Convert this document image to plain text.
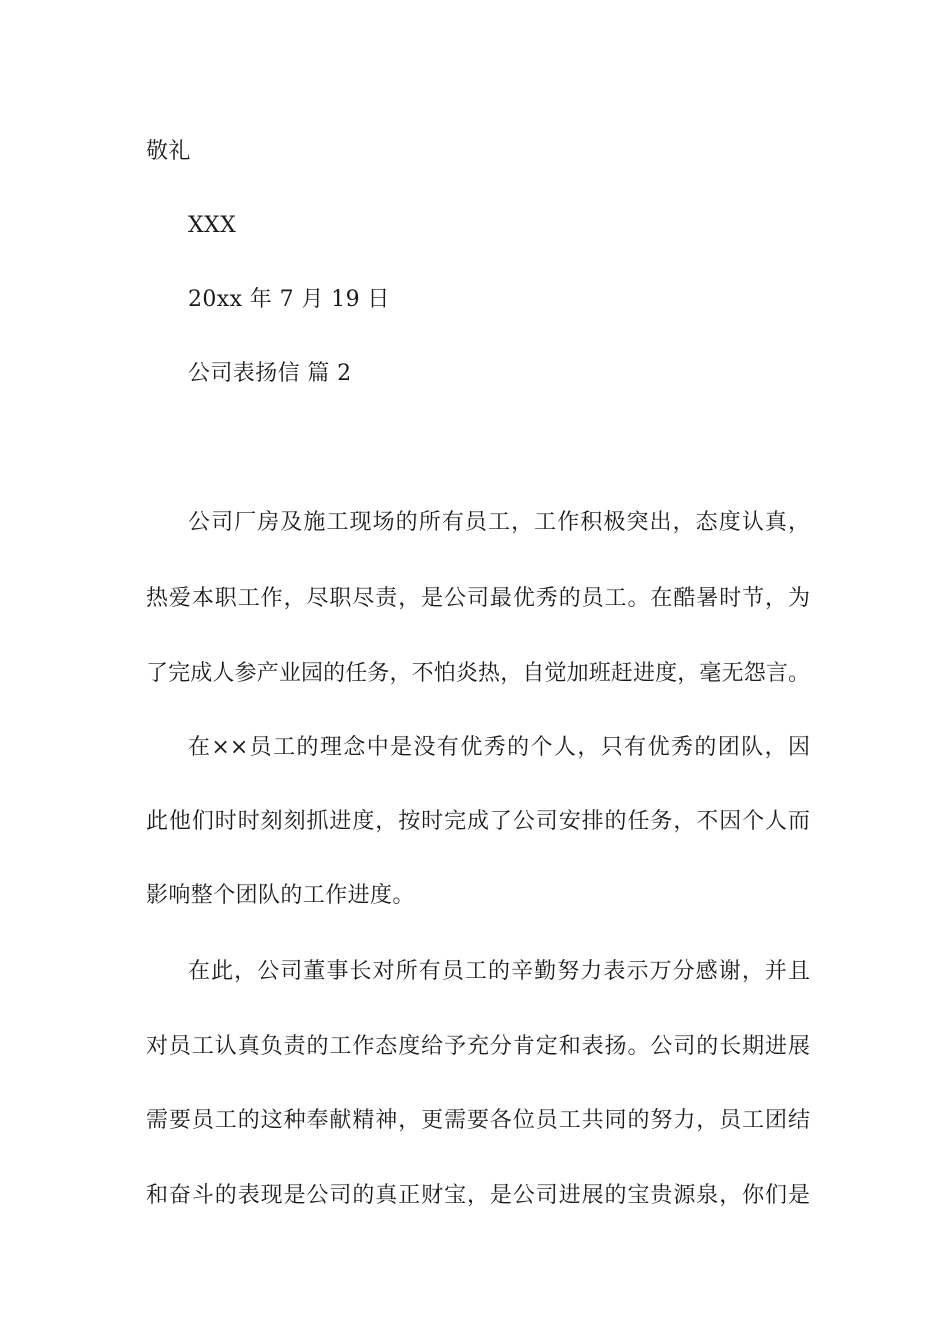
敬礼
XXX
20xx 年 7 月 19 日
公司表扬信 篇 2
公司厂房及施工现场的所有员工，工作积极突出，态度认真，
热爱本职工作，尽职尽责，是公司最优秀的员工。在酷暑时节，为
了完成人参产业园的任务，不怕炎热，自觉加班赶进度，毫无怨言。
在××员工的理念中是没有优秀的个人，只有优秀的团队，因
此他们时时刻刻抓进度，按时完成了公司安排的任务，不因个人而
影响整个团队的工作进度。
在此，公司董事长对所有员工的辛勤努力表示万分感谢，并且
对员工认真负责的工作态度给予充分肯定和表扬。公司的长期进展
需要员工的这种奉献精神，更需要各位员工共同的努力，员工团结
和奋斗的表现是公司的真正财宝，是公司进展的宝贵源泉，你们是
